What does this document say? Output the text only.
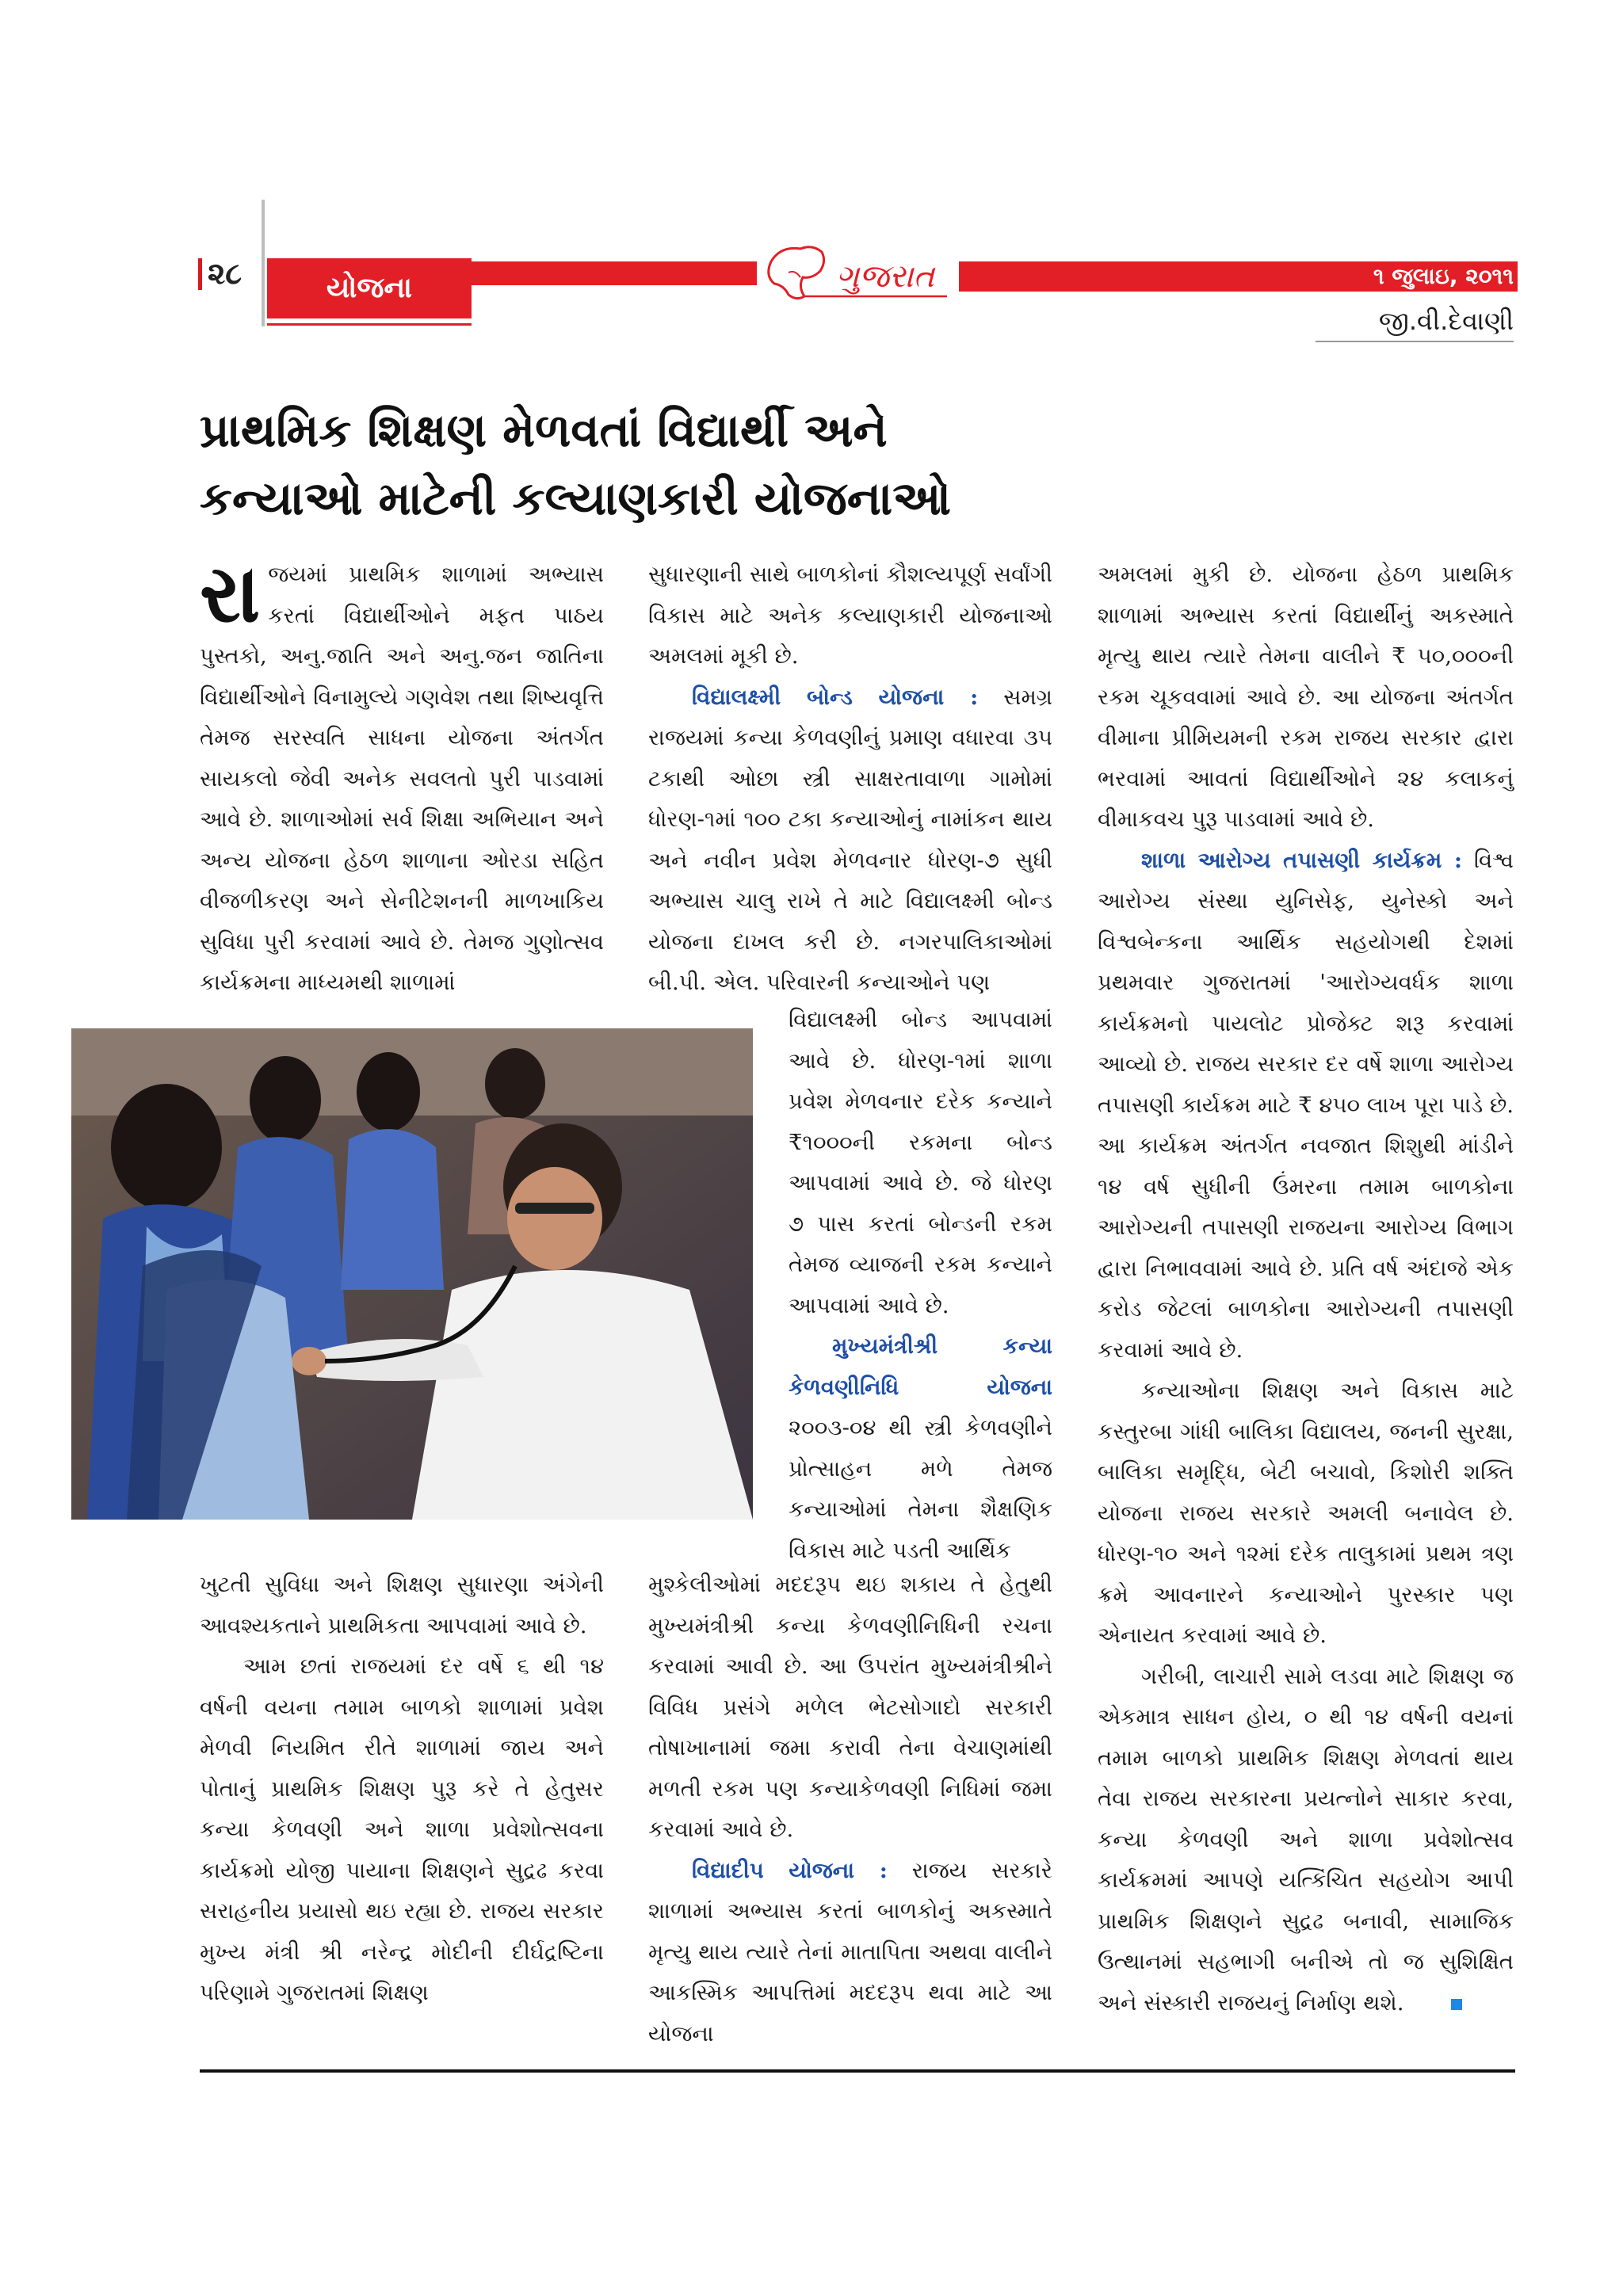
૨૮	યોજના	૧ જુલાઇ, ૨૦૧૧
ગુજરાત
જી.વી.દેવાણી
પ્રાથમિક શિક્ષણ મેળવતાં વિદ્યાર્થી અને
કન્યાઓ માટેની કલ્યાણકારી યોજનાઓ

રાજયમાં પ્રાથમિક શાળામાં અભ્યાસ કરતાં વિદ્યાર્થીઓને મફત પાઠય પુસ્તકો, અનુ.જાતિ અને અનુ.જન જાતિના વિદ્યાર્થીઓને વિનામુલ્યે ગણવેશ તથા શિષ્યવૃત્તિ તેમજ સરસ્વતિ સાધના યોજના અંતર્ગત સાયકલો જેવી અનેક સવલતો પુરી પાડવામાં આવે છે. શાળાઓમાં સર્વ શિક્ષા અભિયાન અને અન્ય યોજના હેઠળ શાળાના ઓરડા સહિત વીજળીકરણ અને સેનીટેશનની માળખાકિય સુવિધા પુરી કરવામાં આવે છે. તેમજ ગુણોત્સવ કાર્યક્રમના માધ્યમથી શાળામાં

ખુટતી સુવિધા અને શિક્ષણ સુધારણા અંગેની આવશ્યકતાને પ્રાથમિકતા આપવામાં આવે છે.

આમ છતાં રાજયમાં દર વર્ષે ૬ થી ૧૪ વર્ષની વયના તમામ બાળકો શાળામાં પ્રવેશ મેળવી નિયમિત રીતે શાળામાં જાય અને પોતાનું પ્રાથમિક શિક્ષણ પુરૂ કરે તે હેતુસર કન્યા કેળવણી અને શાળા પ્રવેશોત્સવના કાર્યક્રમો યોજી પાયાના શિક્ષણને સુદ્રઢ કરવા સરાહનીય પ્રયાસો થઇ રહ્યા છે. રાજય સરકાર મુખ્ય મંત્રી શ્રી નરેન્દ્ર મોદીની દીર્ઘદ્રષ્ટિના પરિણામે ગુજરાતમાં શિક્ષણ

સુધારણાની સાથે બાળકોનાં કૌશલ્યપૂર્ણ સર્વાંગી વિકાસ માટે અનેક કલ્યાણકારી યોજનાઓ અમલમાં મૂકી છે.

વિદ્યાલક્ષ્મી બોન્ડ યોજના : સમગ્ર રાજયમાં કન્યા કેળવણીનું પ્રમાણ વધારવા ૩૫ ટકાથી ઓછા સ્ત્રી સાક્ષરતાવાળા ગામોમાં ધોરણ-૧માં ૧૦૦ ટકા કન્યાઓનું નામાંકન થાય અને નવીન પ્રવેશ મેળવનાર ધોરણ-૭ સુધી અભ્યાસ ચાલુ રાખે તે માટે વિદ્યાલક્ષ્મી બોન્ડ યોજના દાખલ કરી છે. નગરપાલિકાઓમાં બી.પી. એલ. પરિવારની કન્યાઓને પણ

વિદ્યાલક્ષ્મી બોન્ડ આપવામાં આવે છે. ધોરણ-૧માં શાળા પ્રવેશ મેળવનાર દરેક કન્યાને ₹૧૦૦૦ની રકમના બોન્ડ આપવામાં આવે છે. જે ધોરણ ૭ પાસ કરતાં બોન્ડની રકમ તેમજ વ્યાજની રકમ કન્યાને આપવામાં આવે છે.

મુખ્યમંત્રીશ્રી કન્યા કેળવણીનિધિ યોજના ૨૦૦૩-૦૪ થી સ્ત્રી કેળવણીને પ્રોત્સાહન મળે તેમજ કન્યાઓમાં તેમના શૈક્ષણિક વિકાસ માટે પડતી આર્થિક

મુશ્કેલીઓમાં મદદરૂપ થઇ શકાય તે હેતુથી મુખ્યમંત્રીશ્રી કન્યા કેળવણીનિધિની રચના કરવામાં આવી છે. આ ઉપરાંત મુખ્યમંત્રીશ્રીને વિવિધ પ્રસંગે મળેલ ભેટસોગાદો સરકારી તોષાખાનામાં જમા કરાવી તેના વેચાણમાંથી મળતી રકમ પણ કન્યાકેળવણી નિધિમાં જમા કરવામાં આવે છે.

વિદ્યાદીપ યોજના : રાજય સરકારે શાળામાં અભ્યાસ કરતાં બાળકોનું અકસ્માતે મૃત્યુ થાય ત્યારે તેનાં માતાપિતા અથવા વાલીને આકસ્મિક આપત્તિમાં મદદરૂપ થવા માટે આ યોજના

અમલમાં મુકી છે. યોજના હેઠળ પ્રાથમિક શાળામાં અભ્યાસ કરતાં વિદ્યાર્થીનું અકસ્માતે મૃત્યુ થાય ત્યારે તેમના વાલીને ₹ ૫૦,૦૦૦ની રકમ ચૂકવવામાં આવે છે. આ યોજના અંતર્ગત વીમાના પ્રીમિયમની રકમ રાજય સરકાર દ્વારા ભરવામાં આવતાં વિદ્યાર્થીઓને ૨૪ કલાકનું વીમાકવચ પુરૂ પાડવામાં આવે છે.

શાળા આરોગ્ય તપાસણી કાર્યક્રમ : વિશ્વ આરોગ્ય સંસ્થા યુનિસેફ, યુનેસ્કો અને વિશ્વબેન્કના આર્થિક સહયોગથી દેશમાં પ્રથમવાર ગુજરાતમાં 'આરોગ્યવર્ધક શાળા કાર્યક્રમનો પાયલોટ પ્રોજેક્ટ શરૂ કરવામાં આવ્યો છે. રાજય સરકાર દર વર્ષે શાળા આરોગ્ય તપાસણી કાર્યક્રમ માટે ₹ ૪૫૦ લાખ પૂરા પાડે છે. આ કાર્યક્રમ અંતર્ગત નવજાત શિશુથી માંડીને ૧૪ વર્ષ સુધીની ઉંમરના તમામ બાળકોના આરોગ્યની તપાસણી રાજયના આરોગ્ય વિભાગ દ્વારા નિભાવવામાં આવે છે. પ્રતિ વર્ષ અંદાજે એક કરોડ જેટલાં બાળકોના આરોગ્યની તપાસણી કરવામાં આવે છે.

કન્યાઓના શિક્ષણ અને વિકાસ માટે કસ્તુરબા ગાંધી બાલિકા વિદ્યાલય, જનની સુરક્ષા, બાલિકા સમૃદ્ધિ, બેટી બચાવો, કિશોરી શક્તિ યોજના રાજય સરકારે અમલી બનાવેલ છે. ધોરણ-૧૦ અને ૧૨માં દરેક તાલુકામાં પ્રથમ ત્રણ ક્રમે આવનારને કન્યાઓને પુરસ્કાર પણ એનાયત કરવામાં આવે છે.

ગરીબી, લાચારી સામે લડવા માટે શિક્ષણ જ એકમાત્ર સાધન હોય, ૦ થી ૧૪ વર્ષની વયનાં તમામ બાળકો પ્રાથમિક શિક્ષણ મેળવતાં થાય તેવા રાજય સરકારના પ્રયત્નોને સાકાર કરવા, કન્યા કેળવણી અને શાળા પ્રવેશોત્સવ કાર્યક્રમમાં આપણે યત્કિંચિત સહયોગ આપી પ્રાથમિક શિક્ષણને સુદ્રઢ બનાવી, સામાજિક ઉત્થાનમાં સહભાગી બનીએ તો જ સુશિક્ષિત અને સંસ્કારી રાજયનું નિર્માણ થશે.
